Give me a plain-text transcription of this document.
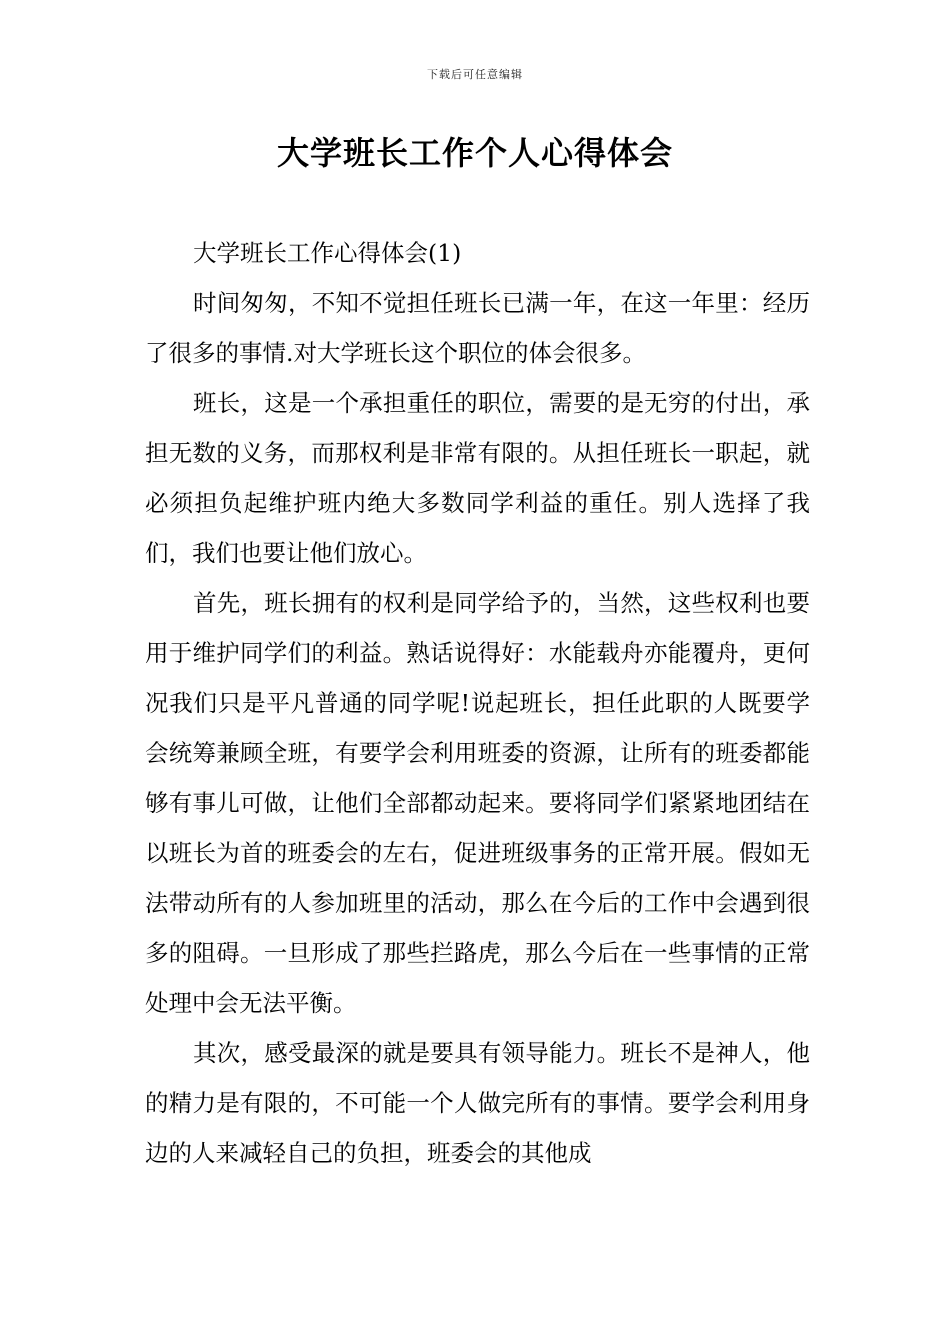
下载后可任意编辑
大学班长工作个人心得体会

大学班长工作心得体会(1)

时间匆匆，不知不觉担任班长已满一年，在这一年里：经历了很多的事情.对大学班长这个职位的体会很多。

班长，这是一个承担重任的职位，需要的是无穷的付出，承担无数的义务，而那权利是非常有限的。从担任班长一职起，就必须担负起维护班内绝大多数同学利益的重任。别人选择了我们，我们也要让他们放心。

首先，班长拥有的权利是同学给予的，当然，这些权利也要用于维护同学们的利益。熟话说得好：水能载舟亦能覆舟，更何况我们只是平凡普通的同学呢!说起班长，担任此职的人既要学会统筹兼顾全班，有要学会利用班委的资源，让所有的班委都能够有事儿可做，让他们全部都动起来。要将同学们紧紧地团结在以班长为首的班委会的左右，促进班级事务的正常开展。假如无法带动所有的人参加班里的活动，那么在今后的工作中会遇到很多的阻碍。一旦形成了那些拦路虎，那么今后在一些事情的正常处理中会无法平衡。

其次，感受最深的就是要具有领导能力。班长不是神人，他的精力是有限的，不可能一个人做完所有的事情。要学会利用身边的人来减轻自己的负担，班委会的其他成
